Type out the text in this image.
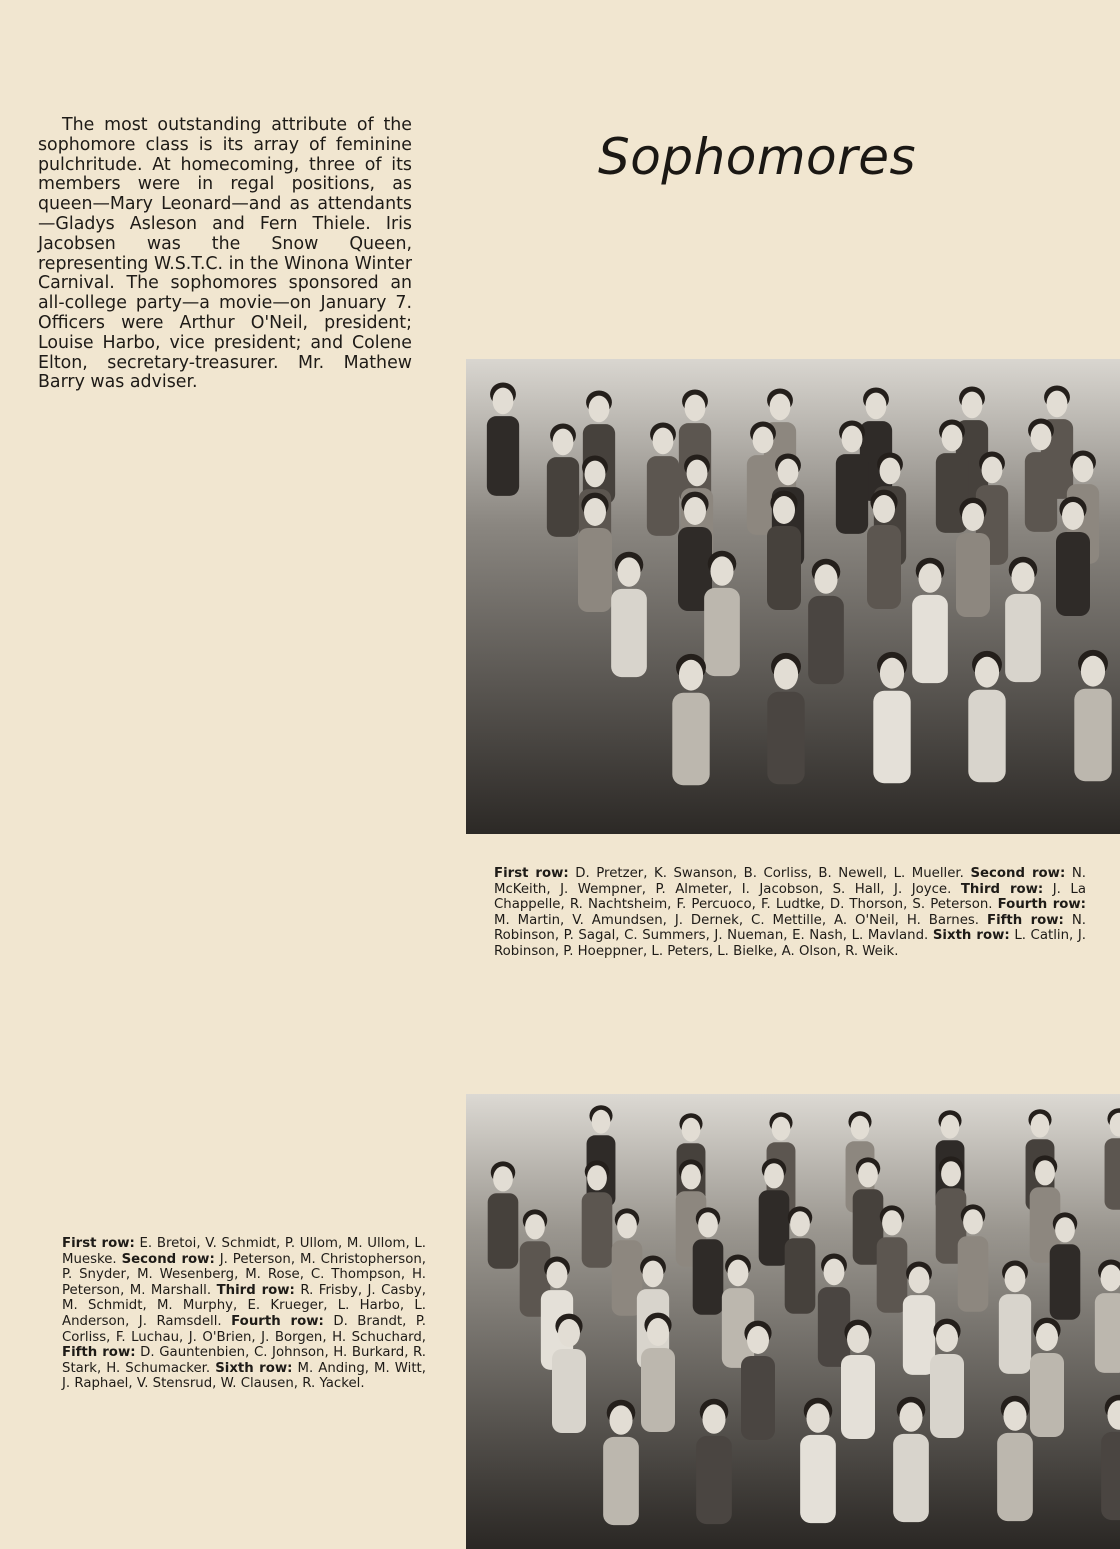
Sophomores

The most outstanding attribute of the sophomore class is its array of feminine pulchritude. At homecoming, three of its members were in regal positions, as queen—Mary Leonard—and as attendants—Gladys Asleson and Fern Thiele. Iris Jacobsen was the Snow Queen, representing W.S.T.C. in the Winona Winter Carnival. The sophomores sponsored an all-college party—a movie—on January 7. Officers were Arthur O'Neil, president; Louise Harbo, vice president; and Colene Elton, secretary-treasurer. Mr. Mathew Barry was adviser.

First row: D. Pretzer, K. Swanson, B. Corliss, B. Newell, L. Mueller. Second row: N. McKeith, J. Wempner, P. Almeter, I. Jacobson, S. Hall, J. Joyce. Third row: J. La Chappelle, R. Nachtsheim, F. Percuoco, F. Ludtke, D. Thorson, S. Peterson. Fourth row: M. Martin, V. Amundsen, J. Dernek, C. Mettille, A. O'Neil, H. Barnes. Fifth row: N. Robinson, P. Sagal, C. Summers, J. Nueman, E. Nash, L. Mavland. Sixth row: L. Catlin, J. Robinson, P. Hoeppner, L. Peters, L. Bielke, A. Olson, R. Weik.

First row: E. Bretoi, V. Schmidt, P. Ullom, M. Ullom, L. Mueske. Second row: J. Peterson, M. Christopherson, P. Snyder, M. Wesenberg, M. Rose, C. Thompson, H. Peterson, M. Marshall. Third row: R. Frisby, J. Casby, M. Schmidt, M. Murphy, E. Krueger, L. Harbo, L. Anderson, J. Ramsdell. Fourth row: D. Brandt, P. Corliss, F. Luchau, J. O'Brien, J. Borgen, H. Schuchard, Fifth row: D. Gauntenbien, C. Johnson, H. Burkard, R. Stark, H. Schumacker. Sixth row: M. Anding, M. Witt, J. Raphael, V. Stensrud, W. Clausen, R. Yackel.
